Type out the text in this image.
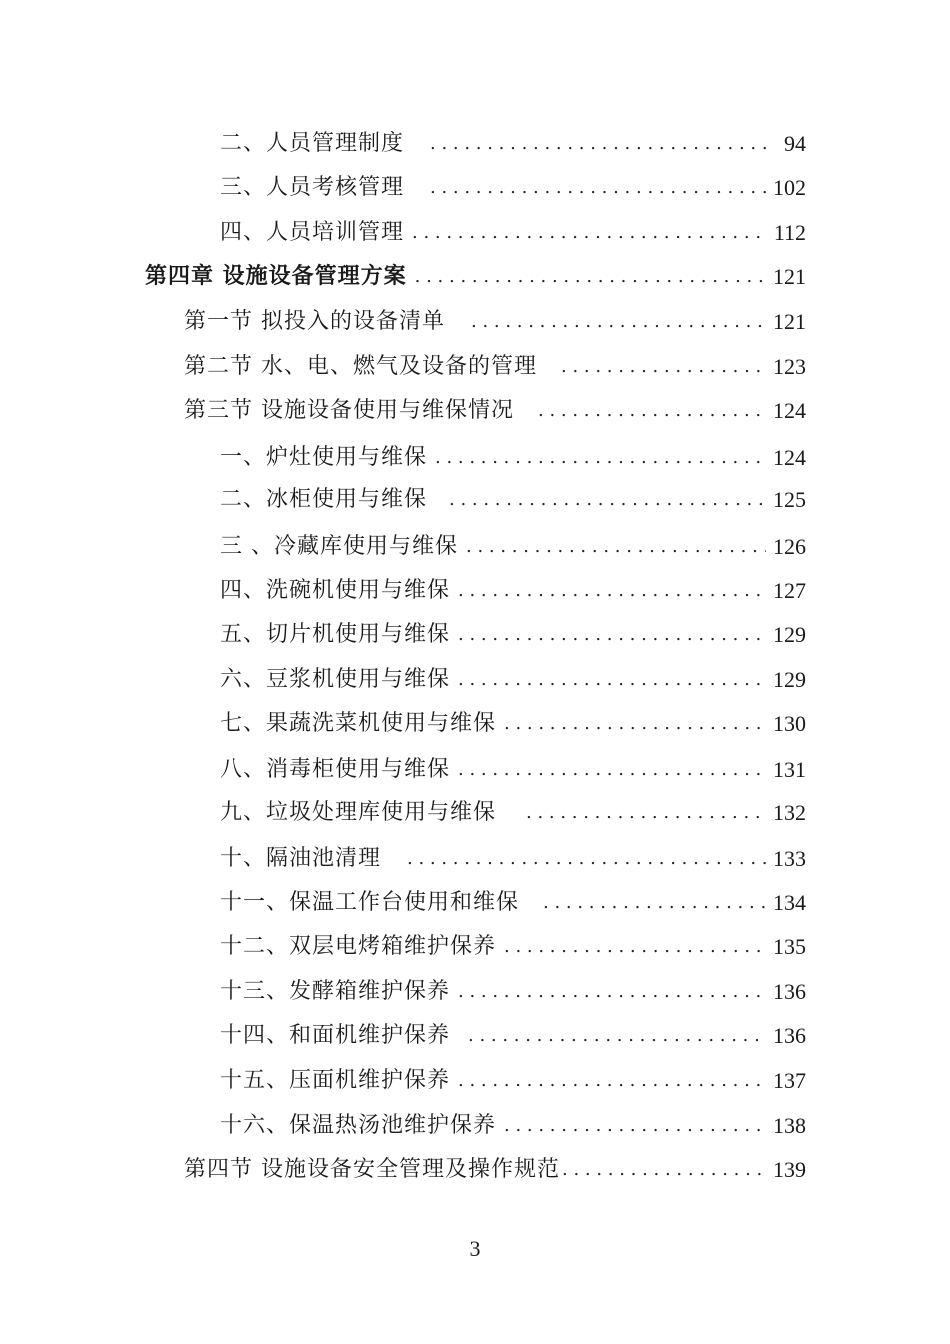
二、人员管理制度 . . .	94
三、人员考核管理 . . .	102
四、人员培训管理 . . .	112
第四章 设施设备管理方案 . . .	121
第一节 拟投入的设备清单 . . .	121
第二节 水、电、燃气及设备的管理 . . .	123
第三节 设施设备使用与维保情况 . . .	124
一、炉灶使用与维保 . . .	124
二、冰柜使用与维保 . . .	125
三 、冷藏库使用与维保 . . .	126
四、洗碗机使用与维保 . . .	127
五、切片机使用与维保 . . .	129
六、豆浆机使用与维保 . . .	129
七、果蔬洗菜机使用与维保 . . .	130
八、消毒柜使用与维保 . . .	131
九、垃圾处理库使用与维保 . . .	132
十、隔油池清理 . . .	133
十一、保温工作台使用和维保 . . .	134
十二、双层电烤箱维护保养 . . .	135
十三、发酵箱维护保养 . . .	136
十四、和面机维护保养 . . .	136
十五、压面机维护保养 . . .	137
十六、保温热汤池维护保养 . . .	138
第四节 设施设备安全管理及操作规范 . . .	139
3
